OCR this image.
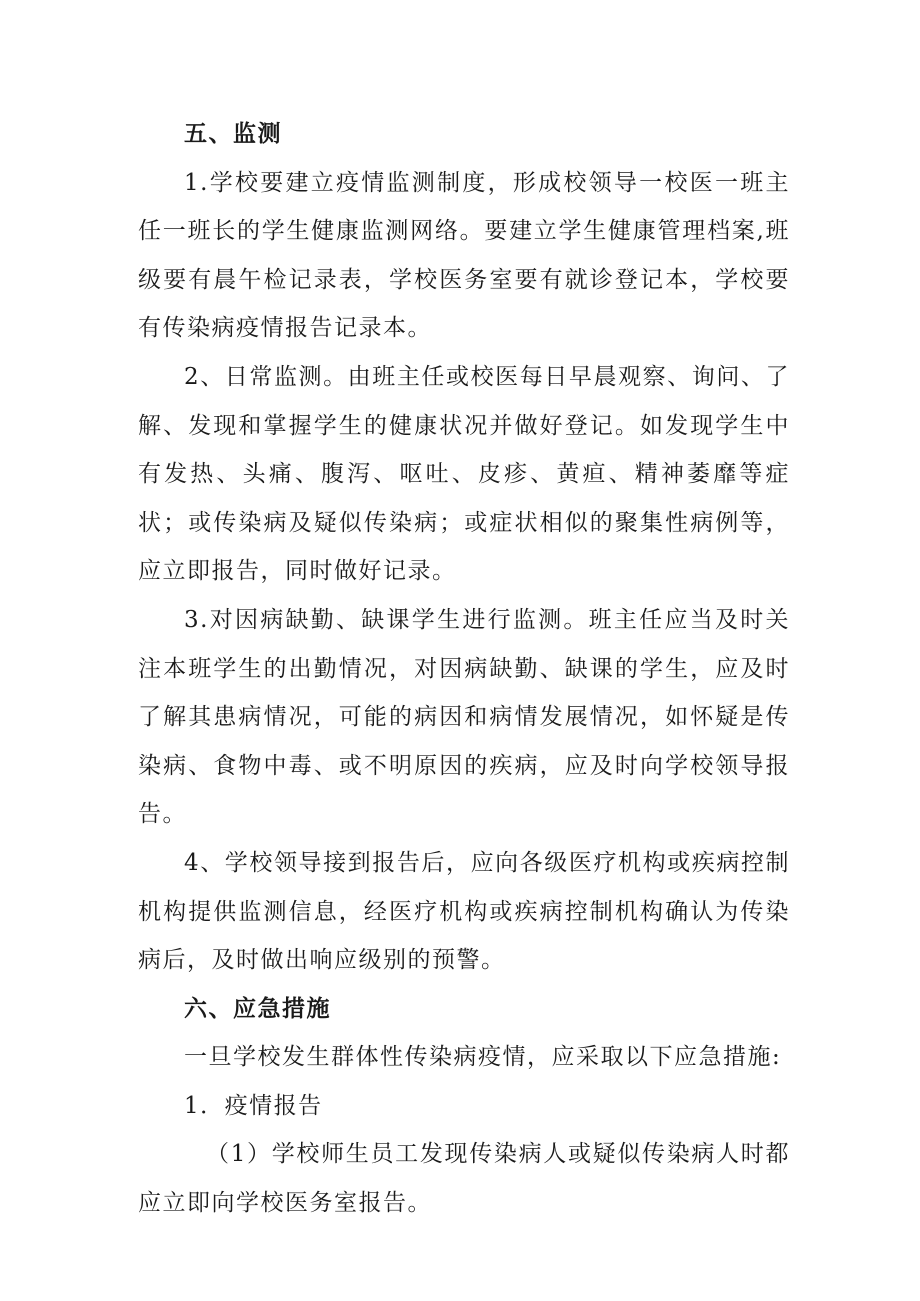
五、监测

1.学校要建立疫情监测制度，形成校领导一校医一班主任一班长的学生健康监测网络。要建立学生健康管理档案,班级要有晨午检记录表，学校医务室要有就诊登记本，学校要有传染病疫情报告记录本。

2、日常监测。由班主任或校医每日早晨观察、询问、了解、发现和掌握学生的健康状况并做好登记。如发现学生中有发热、头痛、腹泻、呕吐、皮疹、黄疸、精神萎靡等症状；或传染病及疑似传染病；或症状相似的聚集性病例等，应立即报告，同时做好记录。

3.对因病缺勤、缺课学生进行监测。班主任应当及时关注本班学生的出勤情况，对因病缺勤、缺课的学生，应及时了解其患病情况，可能的病因和病情发展情况，如怀疑是传染病、食物中毒、或不明原因的疾病，应及时向学校领导报告。

4、学校领导接到报告后，应向各级医疗机构或疾病控制机构提供监测信息，经医疗机构或疾病控制机构确认为传染病后，及时做出响应级别的预警。

六、应急措施

一旦学校发生群体性传染病疫情，应采取以下应急措施:

1．疫情报告

（1）学校师生员工发现传染病人或疑似传染病人时都应立即向学校医务室报告。
